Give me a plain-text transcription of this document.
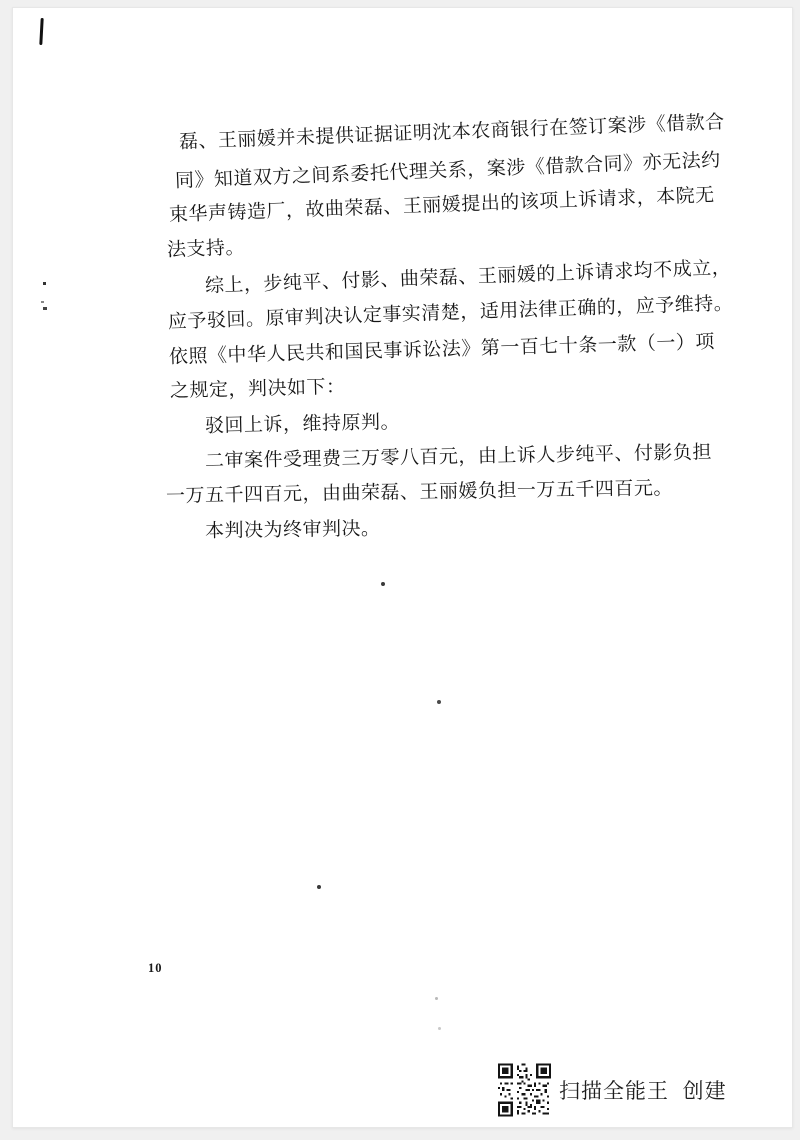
磊、王丽媛并未提供证据证明沈本农商银行在签订案涉《借款合
同》知道双方之间系委托代理关系，案涉《借款合同》亦无法约
束华声铸造厂，故曲荣磊、王丽媛提出的该项上诉请求，本院无
法支持。
综上，步纯平、付影、曲荣磊、王丽媛的上诉请求均不成立，
应予驳回。原审判决认定事实清楚，适用法律正确的，应予维持。
依照《中华人民共和国民事诉讼法》第一百七十条一款（一）项
之规定，判决如下：
驳回上诉，维持原判。
二审案件受理费三万零八百元，由上诉人步纯平、付影负担
一万五千四百元，由曲荣磊、王丽媛负担一万五千四百元。
本判决为终审判决。
10
扫描全能王  创建
